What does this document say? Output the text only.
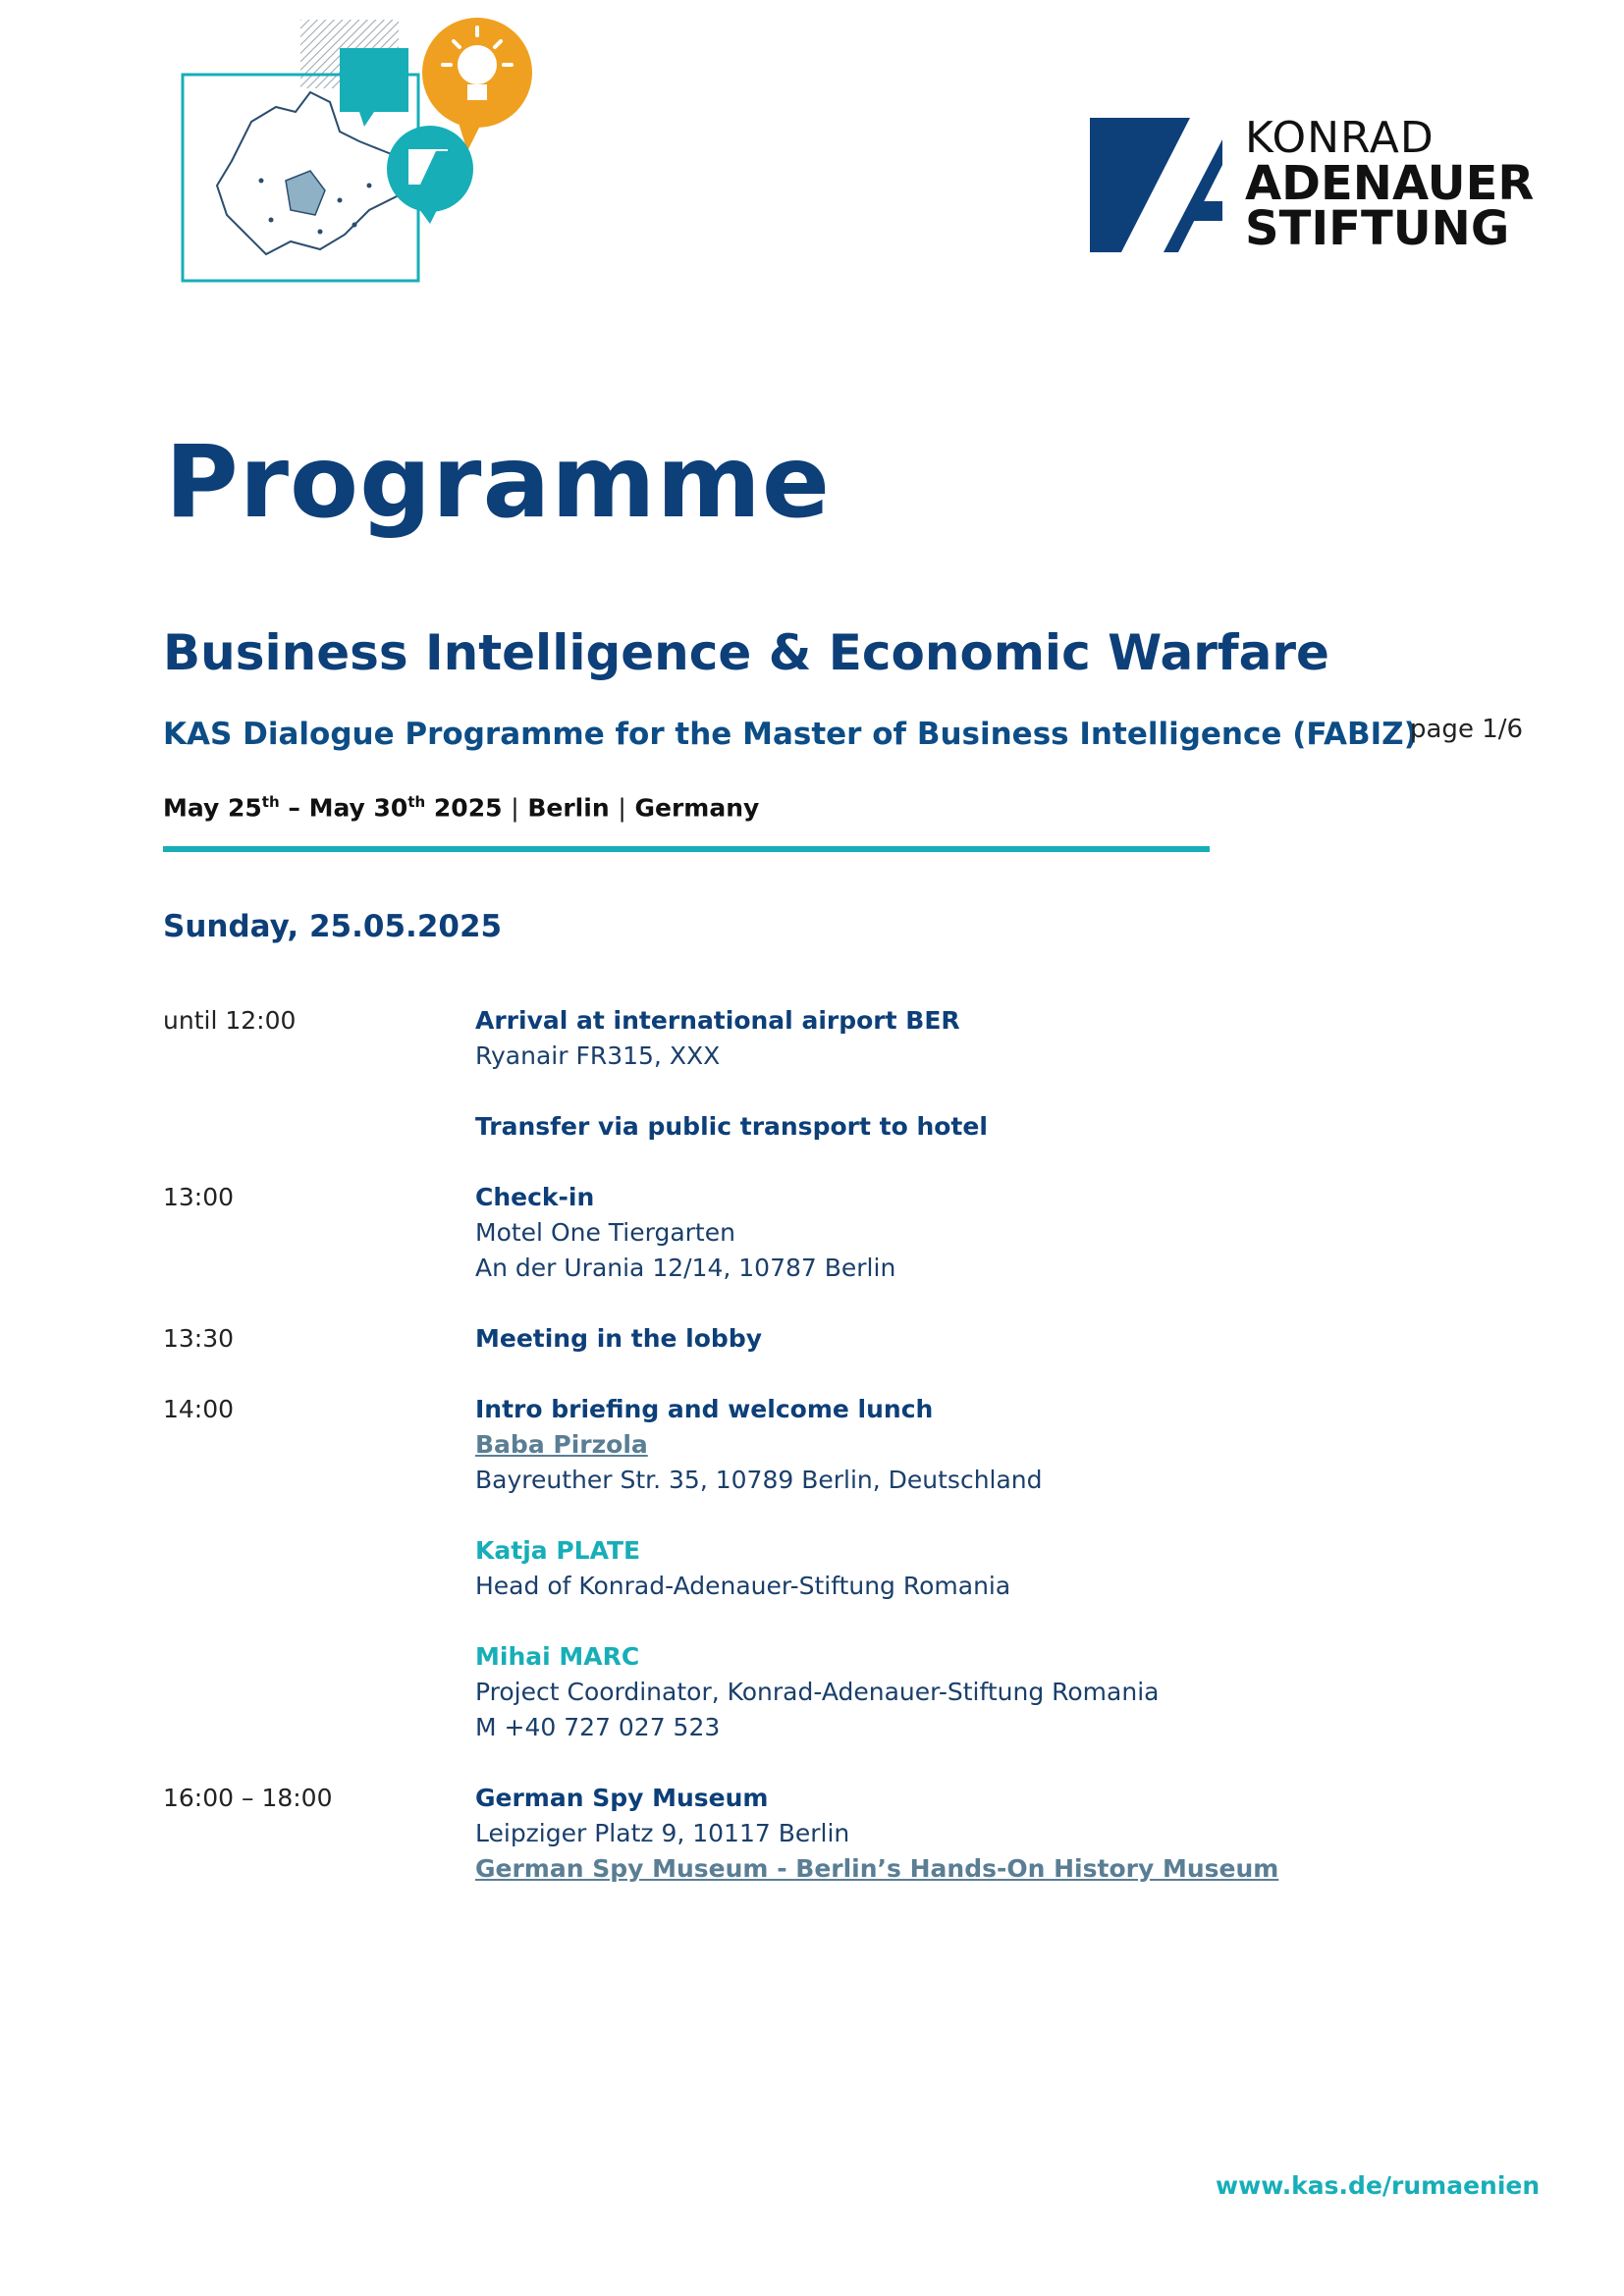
KONRAD
ADENAUER
STIFTUNG
Programme
Business Intelligence & Economic Warfare
KAS Dialogue Programme for the Master of Business Intelligence (FABIZ)
page 1/6
May 25th – May 30th 2025 | Berlin | Germany
Sunday, 25.05.2025
until 12:00	Arrival at international airport BER
Ryanair FR315, XXX
Transfer via public transport to hotel
13:00	Check-in
Motel One Tiergarten
An der Urania 12/14, 10787 Berlin
13:30	Meeting in the lobby
14:00	Intro briefing and welcome lunch
Baba Pirzola
Bayreuther Str. 35, 10789 Berlin, Deutschland
Katja PLATE
Head of Konrad-Adenauer-Stiftung Romania
Mihai MARC
Project Coordinator, Konrad-Adenauer-Stiftung Romania
M +40 727 027 523
16:00 – 18:00	German Spy Museum
Leipziger Platz 9, 10117 Berlin
German Spy Museum - Berlin’s Hands-On History Museum
www.kas.de/rumaenien
